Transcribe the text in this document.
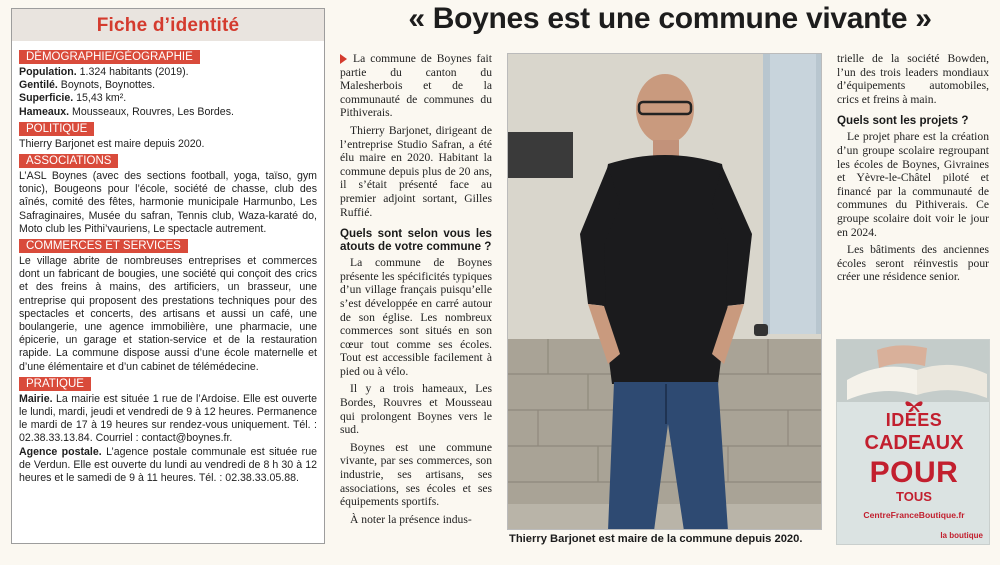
Fiche d’identité
DÉMOGRAPHIE/GÉOGRAPHIE
Population. 1.324 habitants (2019).
Gentilé. Boynots, Boynottes.
Superficie. 15,43 km².
Hameaux. Mousseaux, Rouvres, Les Bordes.
POLITIQUE
Thierry Barjonet est maire depuis 2020.
ASSOCIATIONS
L’ASL Boynes (avec des sections football, yoga, taïso, gym tonic), Bougeons pour l’école, société de chasse, club des aînés, comité des fêtes, harmonie municipale Harmunbo, Les Safraginaires, Musée du safran, Tennis club, Waza-karaté do, Moto club les Pithi’vauriens, Le spectacle autrement.
COMMERCES ET SERVICES
Le village abrite de nombreuses entreprises et commerces dont un fabricant de bougies, une société qui conçoit des crics et des freins à mains, des artificiers, un brasseur, une entreprise qui proposent des prestations techniques pour des spectacles et concerts, des artisans et aussi un café, une boulangerie, une agence immobilière, une pharmacie, une épicerie, un garage et station-service et de la restauration rapide. La commune dispose aussi d’une école maternelle et d’une élémentaire et d’un cabinet de télémédecine.
PRATIQUE
Mairie. La mairie est située 1 rue de l’Ardoise. Elle est ouverte le lundi, mardi, jeudi et vendredi de 9 à 12 heures. Permanence le mardi de 17 à 19 heures sur rendez-vous uniquement. Tél. : 02.38.33.13.84. Courriel : contact@boynes.fr.
Agence postale. L’agence postale communale est située rue de Verdun. Elle est ouverte du lundi au vendredi de 8 h 30 à 12 heures et le samedi de 9 à 11 heures. Tél. : 02.38.33.05.88.
« Boynes est une commune vivante »

La commune de Boynes fait partie du canton du Malesherbois et de la communauté de communes du Pithiverais.

Thierry Barjonet, dirigeant de l’entreprise Studio Safran, a été élu maire en 2020. Habitant la commune depuis plus de 20 ans, il s’était présenté face au premier adjoint sortant, Gilles Ruffié.

Quels sont selon vous les atouts de votre commune ?

La commune de Boynes présente les spécificités typiques d’un village français puisqu’elle s’est développée en carré autour de son église. Les nombreux commerces sont situés en son cœur tout comme ses écoles. Tout est accessible facilement à pied ou à vélo.

Il y a trois hameaux, Les Bordes, Rouvres et Mousseau qui prolongent Boynes vers le sud.

Boynes est une commune vivante, par ses commerces, son industrie, ses artisans, ses associations, ses écoles et ses équipements sportifs.

À noter la présence indus-

Thierry Barjonet est maire de la commune depuis 2020.

trielle de la société Bowden, l’un des trois leaders mondiaux d’équipements automobiles, crics et freins à main.

Quels sont les projets ?

Le projet phare est la création d’un groupe scolaire regroupant les écoles de Boynes, Givraines et Yèvre-le-Châtel piloté et financé par la communauté de communes du Pithiverais. Ce groupe scolaire doit voir le jour en 2024.

Les bâtiments des anciennes écoles seront réinvestis pour créer une résidence senior.

IDÉES
CADEAUX
POUR
TOUS
CentreFranceBoutique.fr
la boutique
